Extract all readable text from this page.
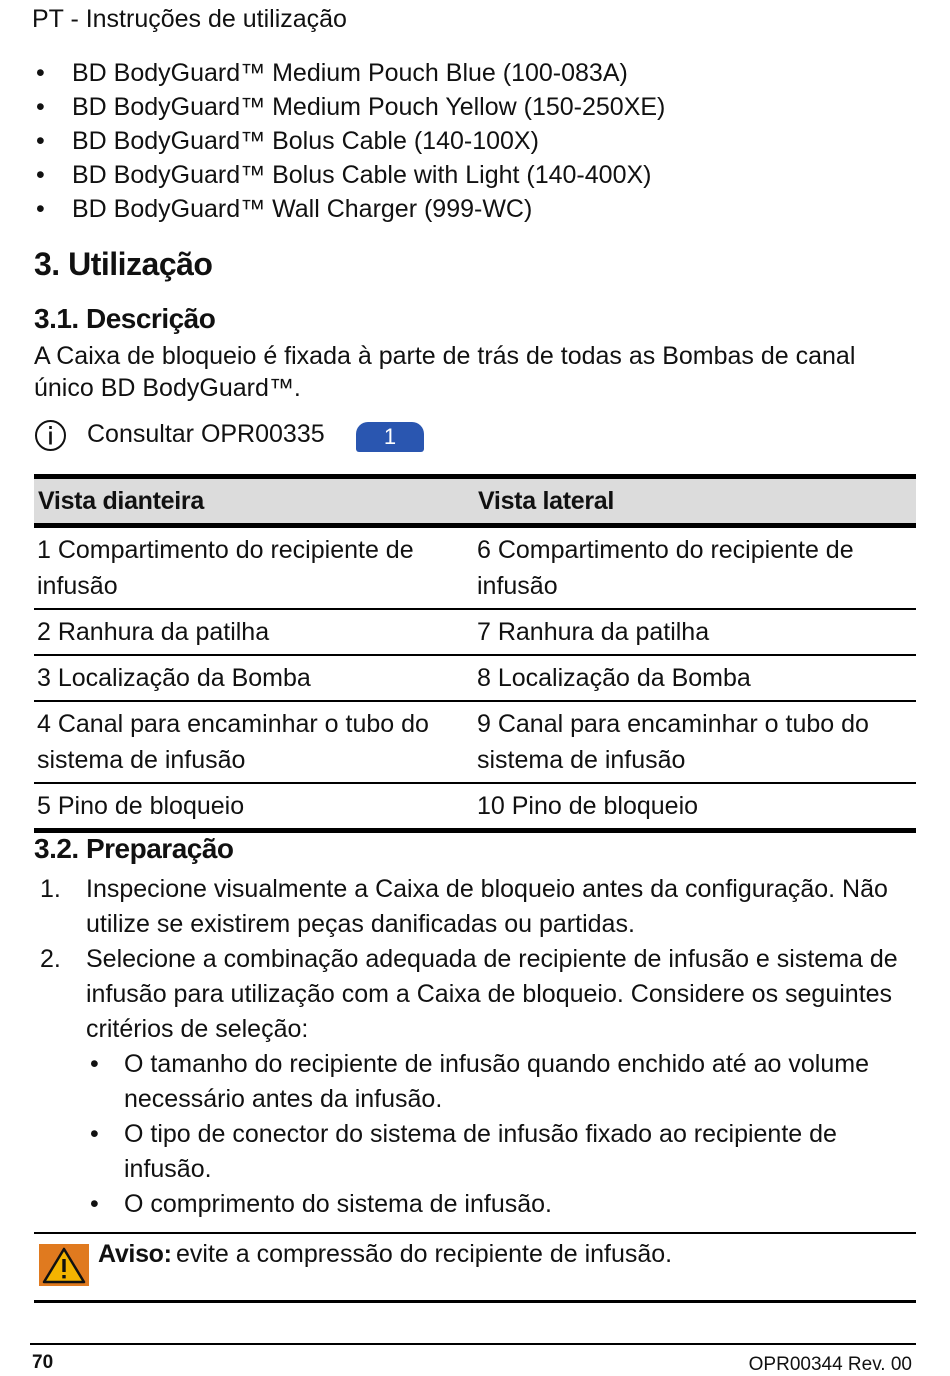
PT - Instruções de utilização
• BD BodyGuard™ Medium Pouch Blue (100-083A)
• BD BodyGuard™ Medium Pouch Yellow (150-250XE)
• BD BodyGuard™ Bolus Cable (140-100X)
• BD BodyGuard™ Bolus Cable with Light (140-400X)
• BD BodyGuard™ Wall Charger (999-WC)
3. Utilização
3.1. Descrição

A Caixa de bloqueio é fixada à parte de trás de todas as Bombas de canal único BD BodyGuard™.

Consultar OPR00335	1
Vista dianteira	Vista lateral
1 Compartimento do recipiente de infusão	6 Compartimento do recipiente de infusão
2 Ranhura da patilha	7 Ranhura da patilha
3 Localização da Bomba	8 Localização da Bomba
4 Canal para encaminhar o tubo do sistema de infusão	9 Canal para encaminhar o tubo do sistema de infusão
5 Pino de bloqueio	10 Pino de bloqueio
3.2. Preparação
1. Inspecione visualmente a Caixa de bloqueio antes da configuração. Não utilize se existirem peças danificadas ou partidas.
2. Selecione a combinação adequada de recipiente de infusão e sistema de infusão para utilização com a Caixa de bloqueio. Considere os seguintes critérios de seleção:
• O tamanho do recipiente de infusão quando enchido até ao volume necessário antes da infusão.
• O tipo de conector do sistema de infusão fixado ao recipiente de infusão.
• O comprimento do sistema de infusão.
Aviso: evite a compressão do recipiente de infusão.
70	OPR00344 Rev. 00
